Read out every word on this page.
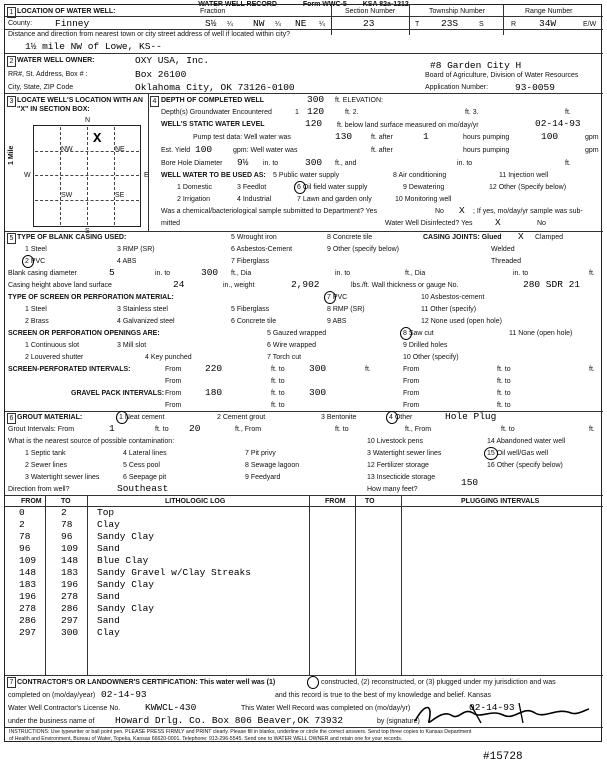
WATER WELL RECORD	Form WWC-5 KSA 82a-1212
1 LOCATION OF WATER WELL:	Fraction	Section Number	Township Number	Range Number
County: Finney	S½ ¼ NW ¼ NE ¼	23	T 23S	S	R 34W	E/W
Distance and direction from nearest town or city street address of well if located within city?
1½ mile NW of Lowe, KS--
2 WATER WELL OWNER:	OXY USA, Inc.	#8 Garden City H
RR#, St. Address, Box # :	Box 26100	Board of Agriculture, Division of Water Resources
City, State, ZIP Code	Oklahoma City, OK 73126-0100	Application Number:	93-0059
3 LOCATE WELL'S LOCATION WITH AN "X" IN SECTION BOX:
4
N
S
W	E
NW	NE
SW	SE
X
1 Mile
DEPTH OF COMPLETED WELL	300 ft. ELEVATION:
Depth(s) Groundwater Encountered	1 120	ft. 2.	ft. 3.	ft.
WELL'S STATIC WATER LEVEL	120 ft. below land surface measured on mo/day/yr	02-14-93
Pump test data: Well water was	130	ft. after	1	hours pumping	100	gpm
Est. Yield 100	gpm: Well water was	ft. after	hours pumping	gpm
Bore Hole Diameter 9½ in. to	300 ft., and	in. to	ft.
WELL WATER TO BE USED AS: 5 Public water supply	8 Air conditioning	11 Injection well
1 Domestic	3 Feedlot	6 Oil field water supply	9 Dewatering	12 Other (Specify below)
2 Irrigation	4 Industrial	7 Lawn and garden only	10 Monitoring well
Was a chemical/bacteriological sample submitted to Department? Yes	No X ; If yes, mo/day/yr sample was sub-
mitted	Water Well Disinfected? Yes X	No
5 TYPE OF BLANK CASING USED:	5 Wrought iron	8 Concrete tile	CASING JOINTS: Glued X Clamped
1 Steel	3 RMP (SR)	6 Asbestos-Cement	9 Other (specify below)	Welded
2 PVC	4 ABS	7 Fiberglass	Threaded
Blank casing diameter	5	in. to	300 ft., Dia	in. to	ft., Dia	in. to	ft.
Casing height above land surface	24	in., weight	2,902	lbs./ft. Wall thickness or gauge No.	280 SDR 21
TYPE OF SCREEN OR PERFORATION MATERIAL:	7 PVC	10 Asbestos-cement
1 Steel	3 Stainless steel	5 Fiberglass	8 RMP (SR)	11 Other (specify)
2 Brass	4 Galvanized steel	6 Concrete tile	9 ABS	12 None used (open hole)
SCREEN OR PERFORATION OPENINGS ARE:	5 Gauzed wrapped	8 Saw cut	11 None (open hole)
1 Continuous slot	3 Mill slot	6 Wire wrapped	9 Drilled holes
2 Louvered shutter	4 Key punched	7 Torch cut	10 Other (specify)
SCREEN-PERFORATED INTERVALS:	From 220	ft. to	300	ft.	From	ft. to	ft.
From	ft. to	From	ft. to
GRAVEL PACK INTERVALS: From 180	ft. to	300	From	ft. to
From	ft. to	From	ft. to
6 GROUT MATERIAL:	1 Neat cement	2 Cement grout	3 Bentonite	4 Other	Hole Plug
Grout Intervals: From	1	ft. to 20	ft., From	ft. to	ft., From	ft. to	ft.
What is the nearest source of possible contamination:	10 Livestock pens	14 Abandoned water well
1 Septic tank	4 Lateral lines	7 Pit privy	3 Watertight sewer lines	15 Oil well/Gas well
2 Sewer lines	5 Cess pool	8 Sewage lagoon	12 Fertilizer storage	16 Other (specify below)
3 Watertight sewer lines	6 Seepage pit	9 Feedyard	13 Insecticide storage
Direction from well?	Southeast	How many feet?
150
FROM	TO	LITHOLOGIC LOG	FROM	TO	PLUGGING INTERVALS
0	2	Top
2	78	Clay
78	96	Sandy Clay
96	109 Sand
109	148 Blue Clay
148	183 Sandy Gravel w/Clay Streaks
183	196 Sandy Clay
196	278 Sand
278	286 Sandy Clay
286	297 Sand
297	300 Clay
7 CONTRACTOR'S OR LANDOWNER'S CERTIFICATION: This water well was (1)	constructed, (2) reconstructed, or (3) plugged under my jurisdiction and was
completed on (mo/day/year) 02-14-93	and this record is true to the best of my knowledge and belief. Kansas
Water Well Contractor's License No.	KWWCL-430	This Water Well Record was completed on (mo/day/yr)	02-14-93
under the business name of Howard Drlg. Co. Box 806 Beaver,OK 73932	by (signature)
INSTRUCTIONS: Use typewriter or ball point pen. PLEASE PRESS FIRMLY and PRINT clearly. Please fill in blanks, underline or circle the correct answers. Send top three copies to Kansas Department
of Health and Environment, Bureau of Water, Topeka, Kansas 66620-0001. Telephone: 913-296-5545. Send one to WATER WELL OWNER and retain one for your records.
#15728
